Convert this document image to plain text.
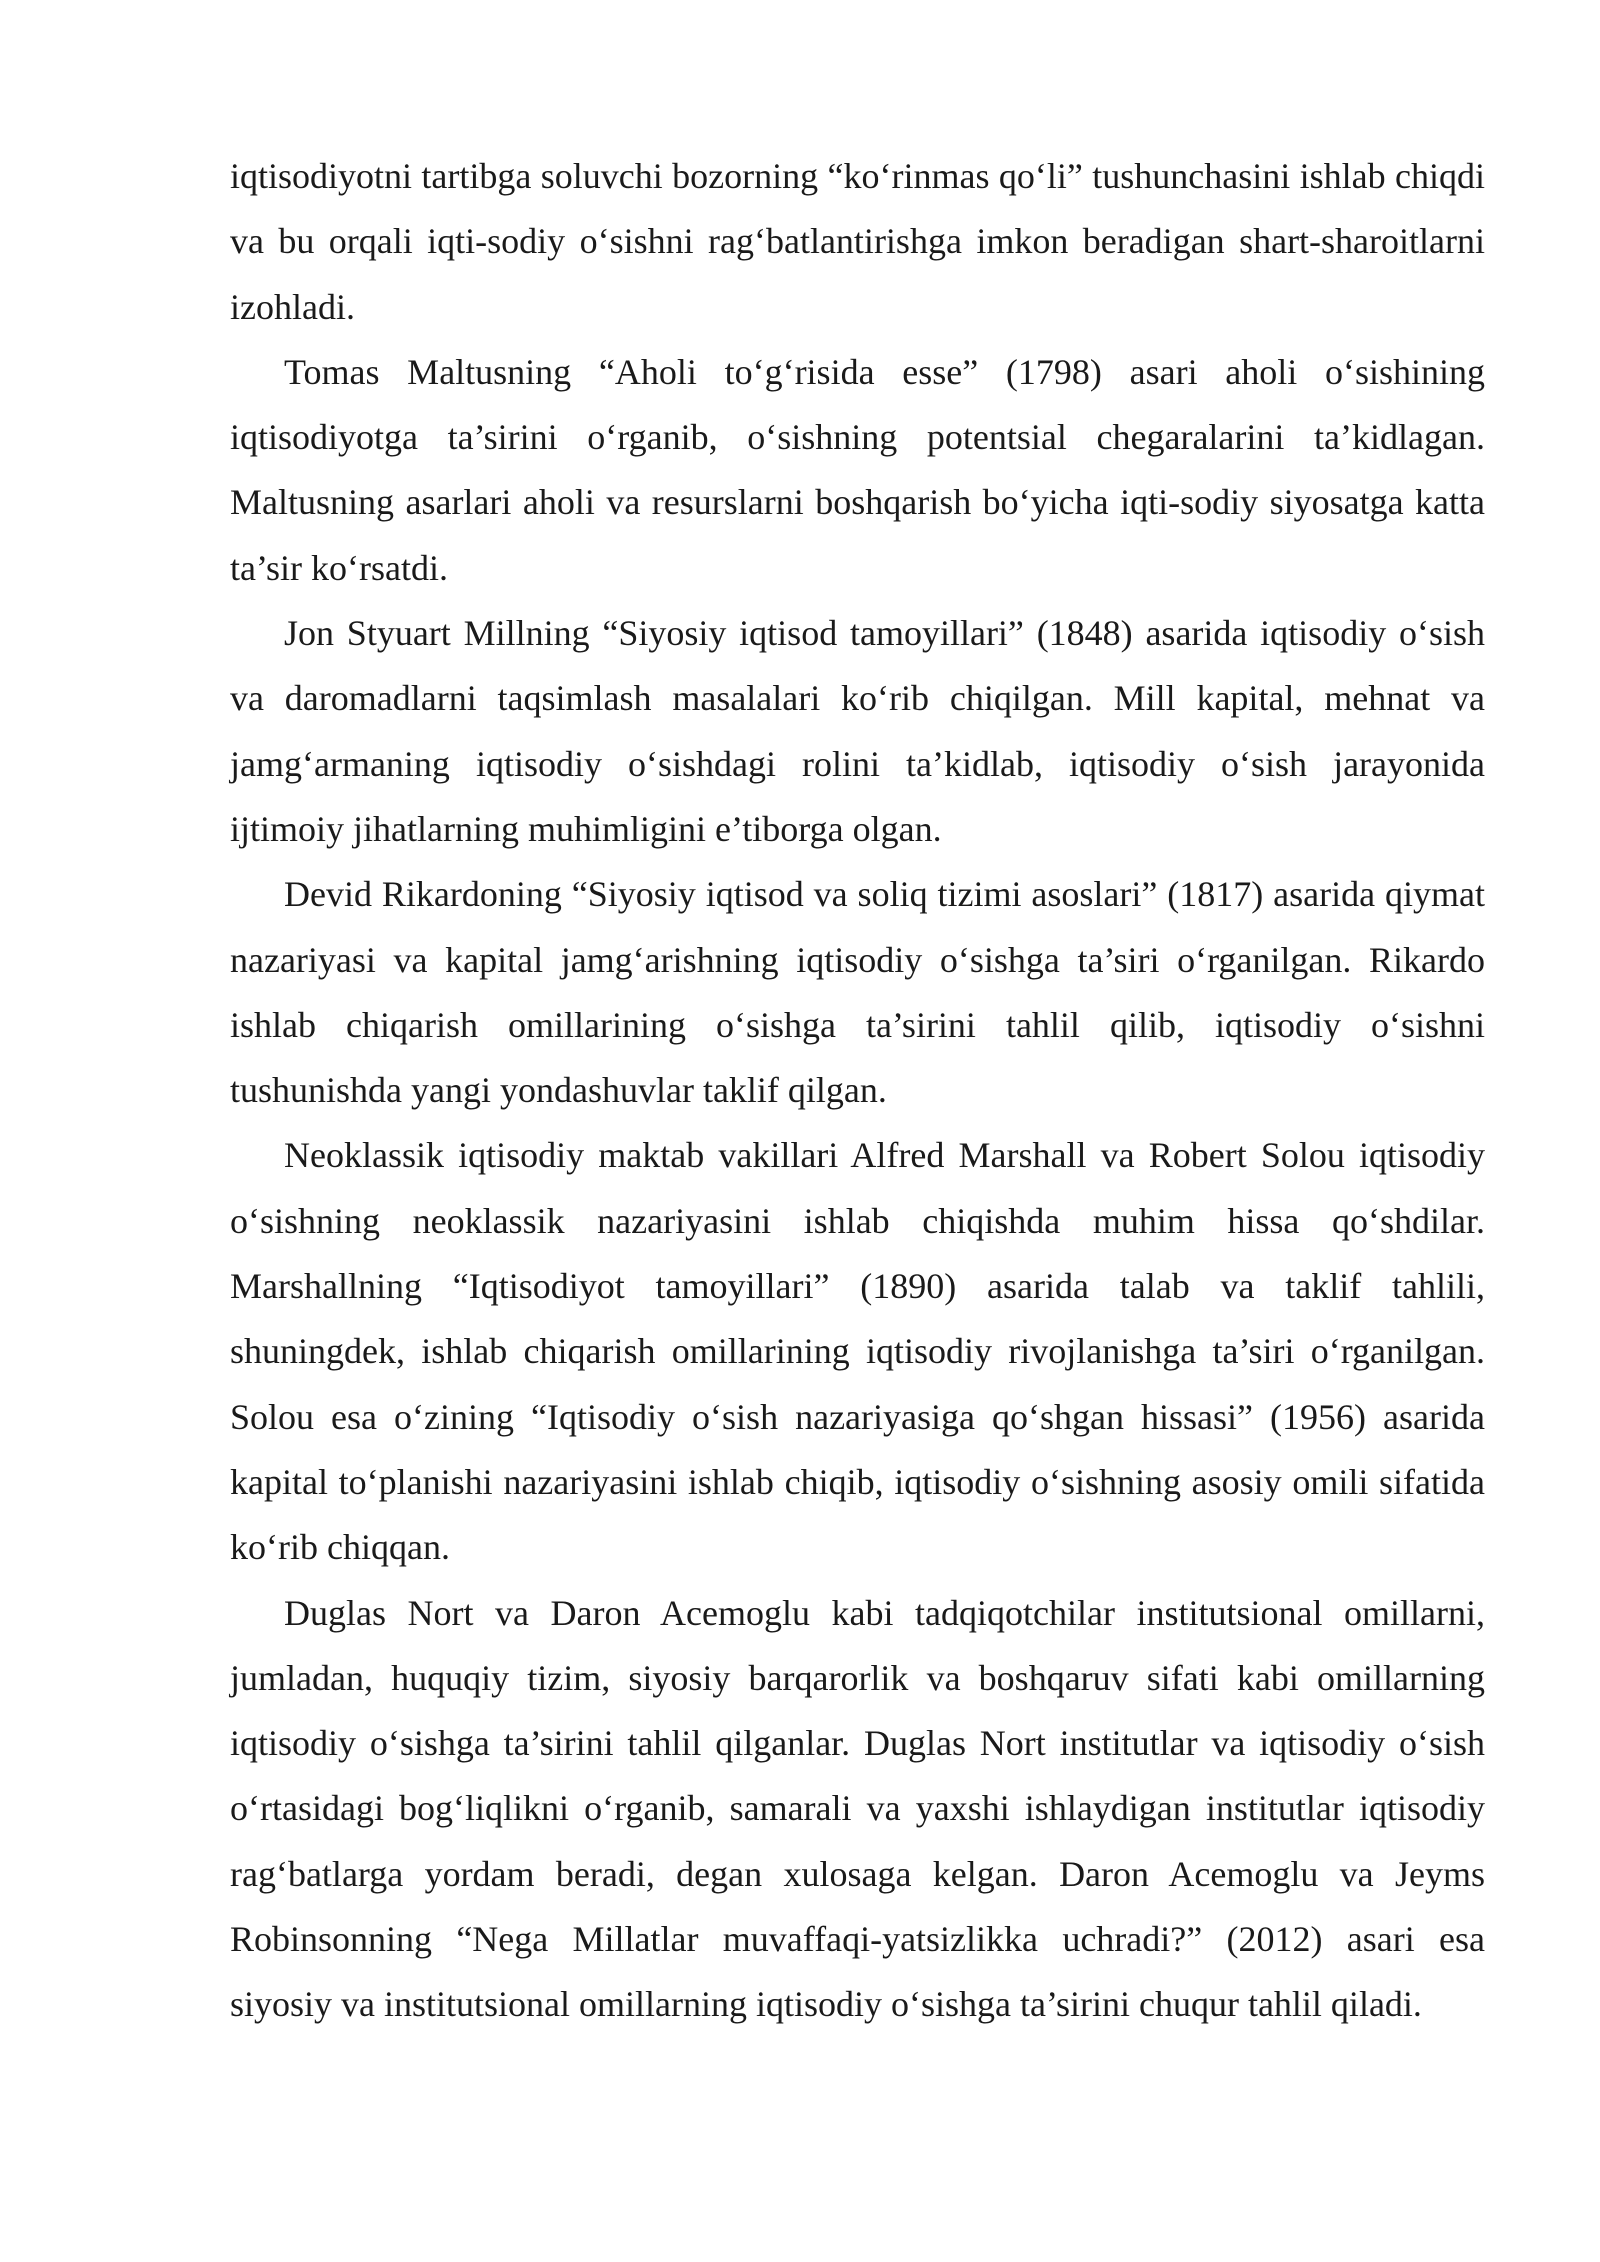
iqtisodiyotni tartibga soluvchi bozorning “ko‘rinmas qo‘li” tushunchasini ishlab chiqdi va bu orqali iqti-sodiy o‘sishni rag‘batlantirishga imkon beradigan shart-sharoitlarni izohladi.

Tomas Maltusning “Aholi to‘g‘risida esse” (1798) asari aholi o‘sishining iqtisodiyotga ta’sirini o‘rganib, o‘sishning potentsial chegaralarini ta’kidlagan. Maltusning asarlari aholi va resurslarni boshqarish bo‘yicha iqti-sodiy siyosatga katta ta’sir ko‘rsatdi.

Jon Styuart Millning “Siyosiy iqtisod tamoyillari” (1848) asarida iqtisodiy o‘sish va daromadlarni taqsimlash masalalari ko‘rib chiqilgan. Mill kapital, mehnat va jamg‘armaning iqtisodiy o‘sishdagi rolini ta’kidlab, iqtisodiy o‘sish jarayonida ijtimoiy jihatlarning muhimligini e’tiborga olgan.

Devid Rikardoning “Siyosiy iqtisod va soliq tizimi asoslari” (1817) asarida qiymat nazariyasi va kapital jamg‘arishning iqtisodiy o‘sishga ta’siri o‘rganilgan. Rikardo ishlab chiqarish omillarining o‘sishga ta’sirini tahlil qilib, iqtisodiy o‘sishni tushunishda yangi yondashuvlar taklif qilgan.

Neoklassik iqtisodiy maktab vakillari Alfred Marshall va Robert Solou iqtisodiy o‘sishning neoklassik nazariyasini ishlab chiqishda muhim hissa qo‘shdilar. Marshallning “Iqtisodiyot tamoyillari” (1890) asarida talab va taklif tahlili, shuningdek, ishlab chiqarish omillarining iqtisodiy rivojlanishga ta’siri o‘rganilgan. Solou esa o‘zining “Iqtisodiy o‘sish nazariyasiga qo‘shgan hissasi” (1956) asarida kapital to‘planishi nazariyasini ishlab chiqib, iqtisodiy o‘sishning asosiy omili sifatida ko‘rib chiqqan.

Duglas Nort va Daron Acemoglu kabi tadqiqotchilar institutsional omillarni, jumladan, huquqiy tizim, siyosiy barqarorlik va boshqaruv sifati kabi omillarning iqtisodiy o‘sishga ta’sirini tahlil qilganlar. Duglas Nort institutlar va iqtisodiy o‘sish o‘rtasidagi bog‘liqlikni o‘rganib, samarali va yaxshi ishlaydigan institutlar iqtisodiy rag‘batlarga yordam beradi, degan xulosaga kelgan. Daron Acemoglu va Jeyms Robinsonning “Nega Millatlar muvaffaqi-yatsizlikka uchradi?” (2012) asari esa siyosiy va institutsional omillarning iqtisodiy o‘sishga ta’sirini chuqur tahlil qiladi.
